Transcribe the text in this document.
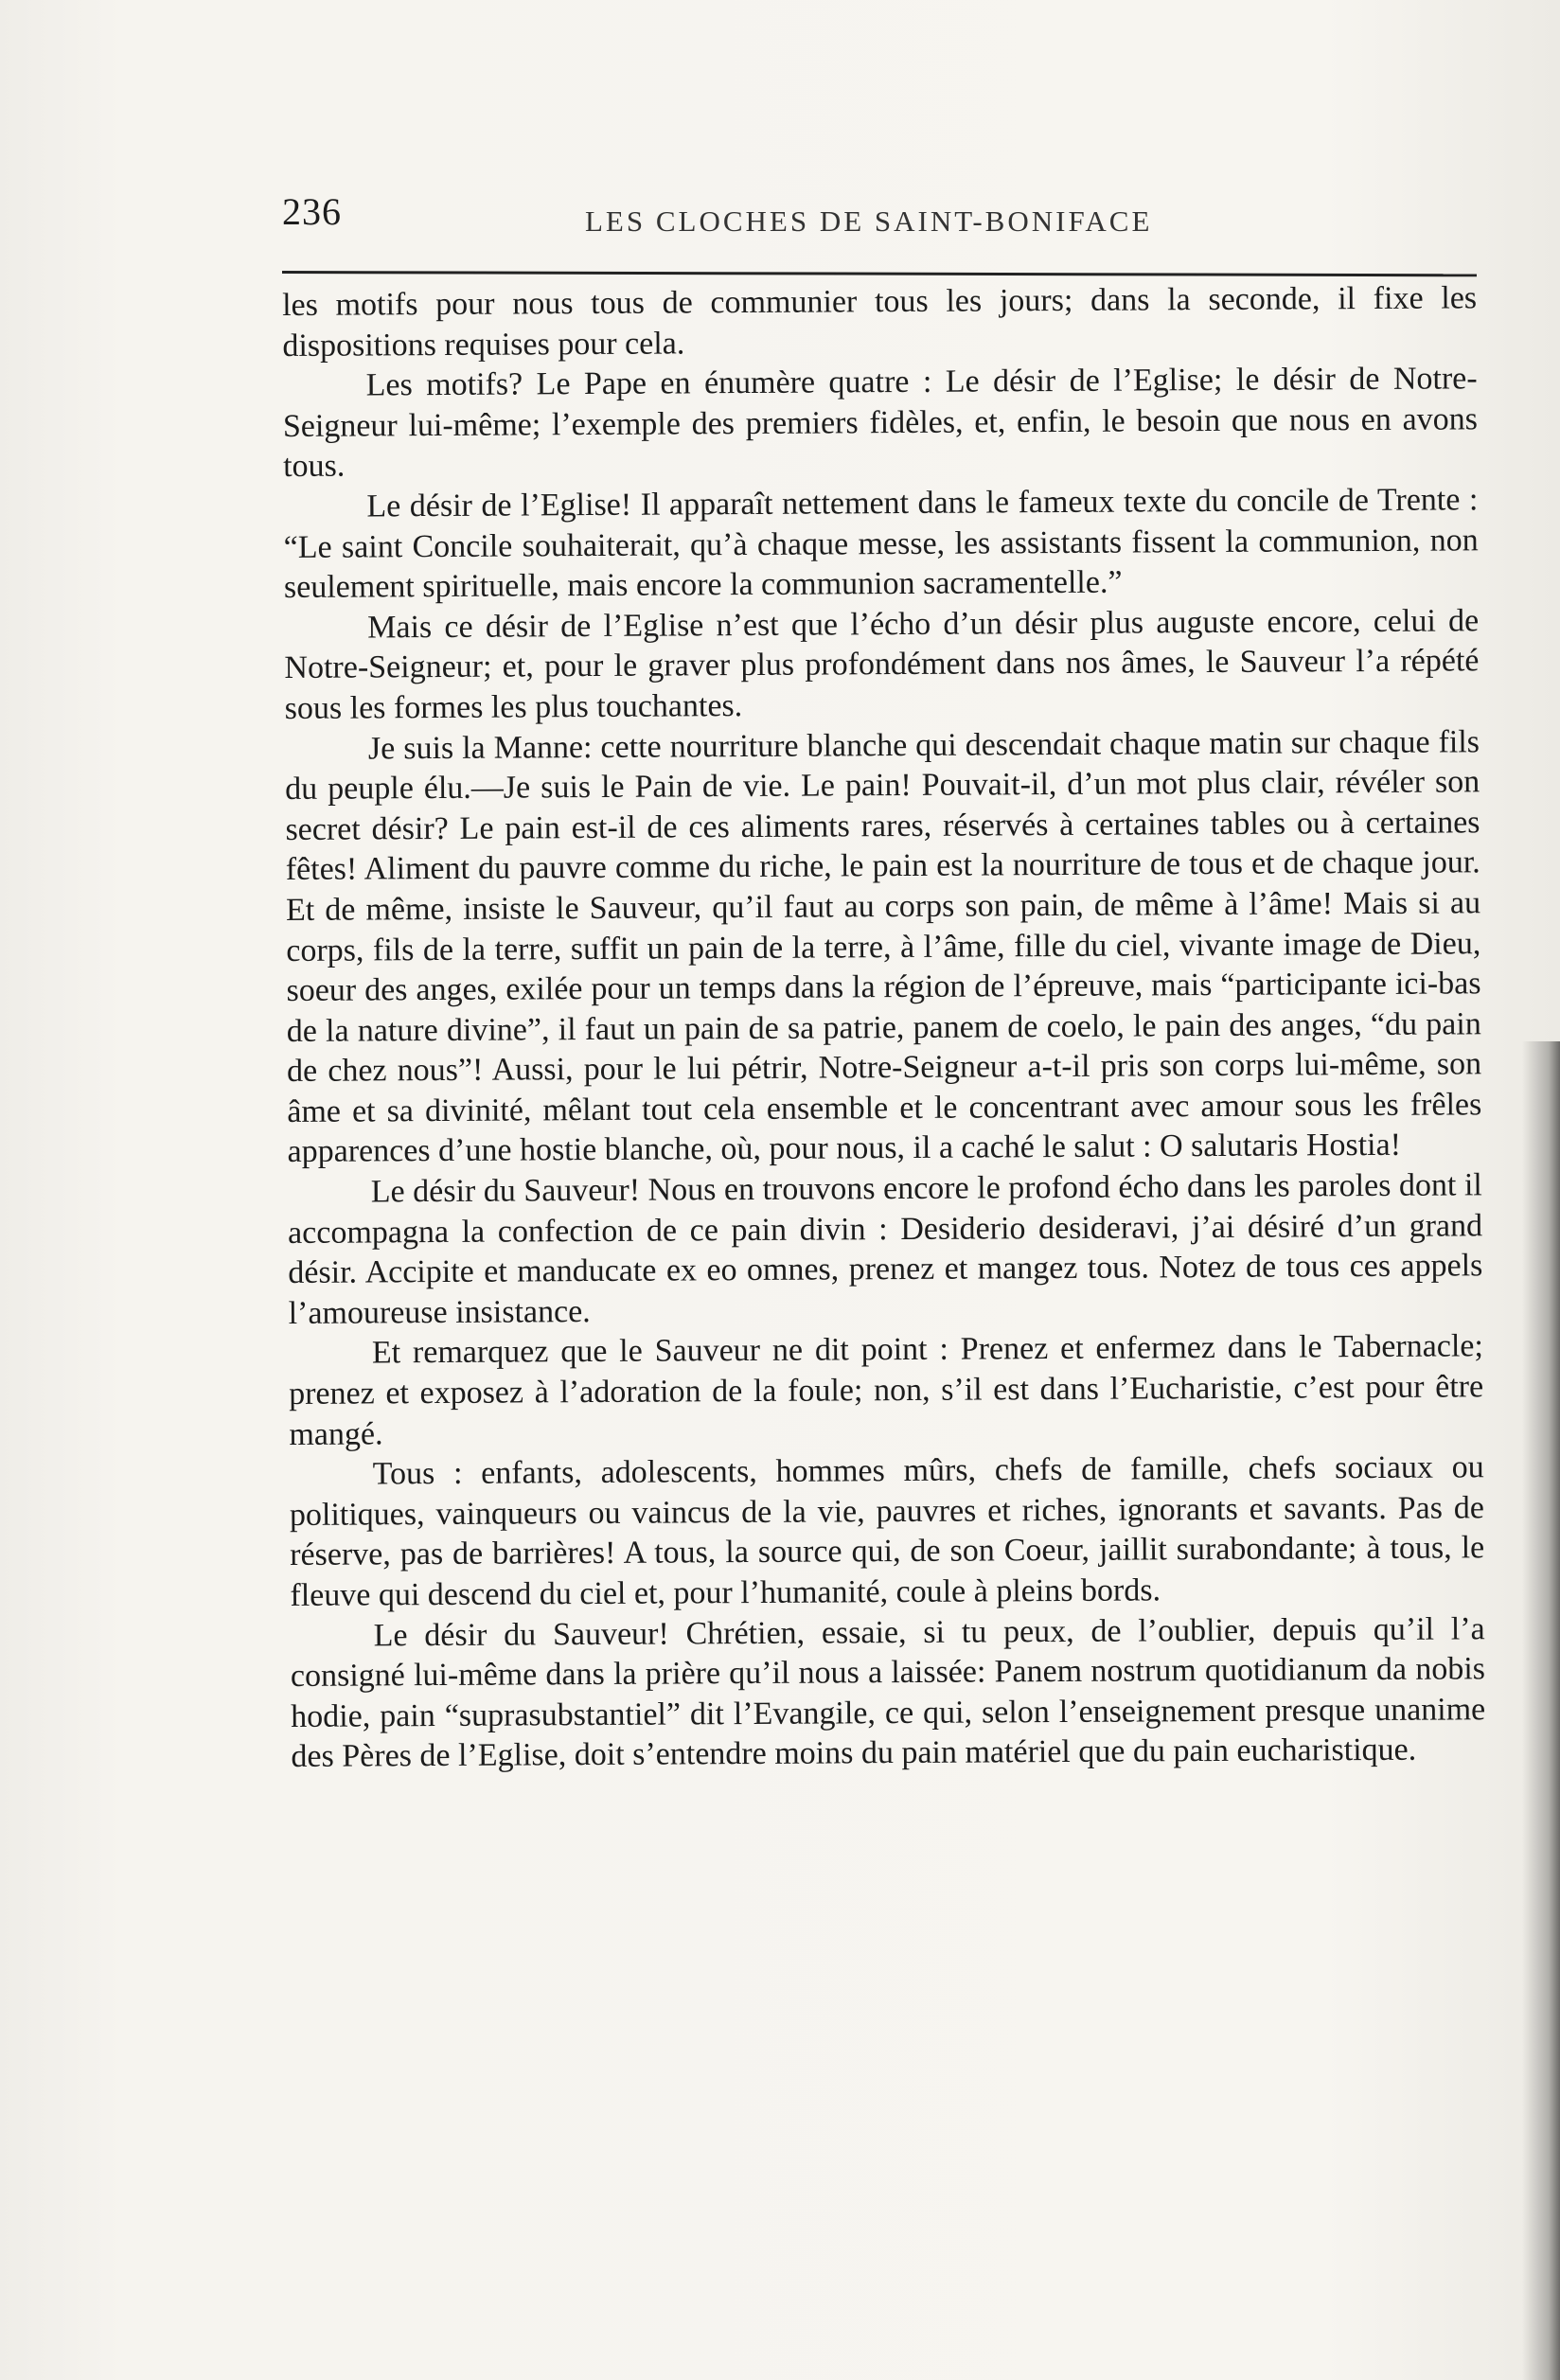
236	LES CLOCHES DE SAINT-BONIFACE

les motifs pour nous tous de communier tous les jours; dans la seconde, il fixe les dispositions requises pour cela.

Les motifs? Le Pape en énumère quatre : Le désir de l’Eglise; le désir de Notre-Seigneur lui-même; l’exemple des premiers fidèles, et, enfin, le besoin que nous en avons tous.

Le désir de l’Eglise! Il apparaît nettement dans le fameux texte du concile de Trente : “Le saint Concile souhaiterait, qu’à chaque messe, les assistants fissent la communion, non seulement spirituelle, mais encore la communion sacramentelle.”

Mais ce désir de l’Eglise n’est que l’écho d’un désir plus auguste encore, celui de Notre-Seigneur; et, pour le graver plus profondément dans nos âmes, le Sauveur l’a répété sous les formes les plus touchantes.

Je suis la Manne: cette nourriture blanche qui descendait chaque matin sur chaque fils du peuple élu.—Je suis le Pain de vie. Le pain! Pouvait-il, d’un mot plus clair, révéler son secret désir? Le pain est-il de ces aliments rares, réservés à certaines tables ou à certaines fêtes! Aliment du pauvre comme du riche, le pain est la nourriture de tous et de chaque jour. Et de même, insiste le Sauveur, qu’il faut au corps son pain, de même à l’âme! Mais si au corps, fils de la terre, suffit un pain de la terre, à l’âme, fille du ciel, vivante image de Dieu, soeur des anges, exilée pour un temps dans la région de l’épreuve, mais “participante ici-bas de la nature divine”, il faut un pain de sa patrie, panem de coelo, le pain des anges, “du pain de chez nous”! Aussi, pour le lui pétrir, Notre-Seigneur a-t-il pris son corps lui-même, son âme et sa divinité, mêlant tout cela ensemble et le concentrant avec amour sous les frêles apparences d’une hostie blanche, où, pour nous, il a caché le salut : O salutaris Hostia!

Le désir du Sauveur! Nous en trouvons encore le profond écho dans les paroles dont il accompagna la confection de ce pain divin : Desiderio desideravi, j’ai désiré d’un grand désir. Accipite et manducate ex eo omnes, prenez et mangez tous. Notez de tous ces appels l’amoureuse insistance.

Et remarquez que le Sauveur ne dit point : Prenez et enfermez dans le Tabernacle; prenez et exposez à l’adoration de la foule; non, s’il est dans l’Eucharistie, c’est pour être mangé.

Tous : enfants, adolescents, hommes mûrs, chefs de famille, chefs sociaux ou politiques, vainqueurs ou vaincus de la vie, pauvres et riches, ignorants et savants. Pas de réserve, pas de barrières! A tous, la source qui, de son Coeur, jaillit surabondante; à tous, le fleuve qui descend du ciel et, pour l’humanité, coule à pleins bords.

Le désir du Sauveur! Chrétien, essaie, si tu peux, de l’oublier, depuis qu’il l’a consigné lui-même dans la prière qu’il nous a laissée: Panem nostrum quotidianum da nobis hodie, pain “suprasubstantiel” dit l’Evangile, ce qui, selon l’enseignement presque unanime des Pères de l’Eglise, doit s’entendre moins du pain matériel que du pain eucharistique.
